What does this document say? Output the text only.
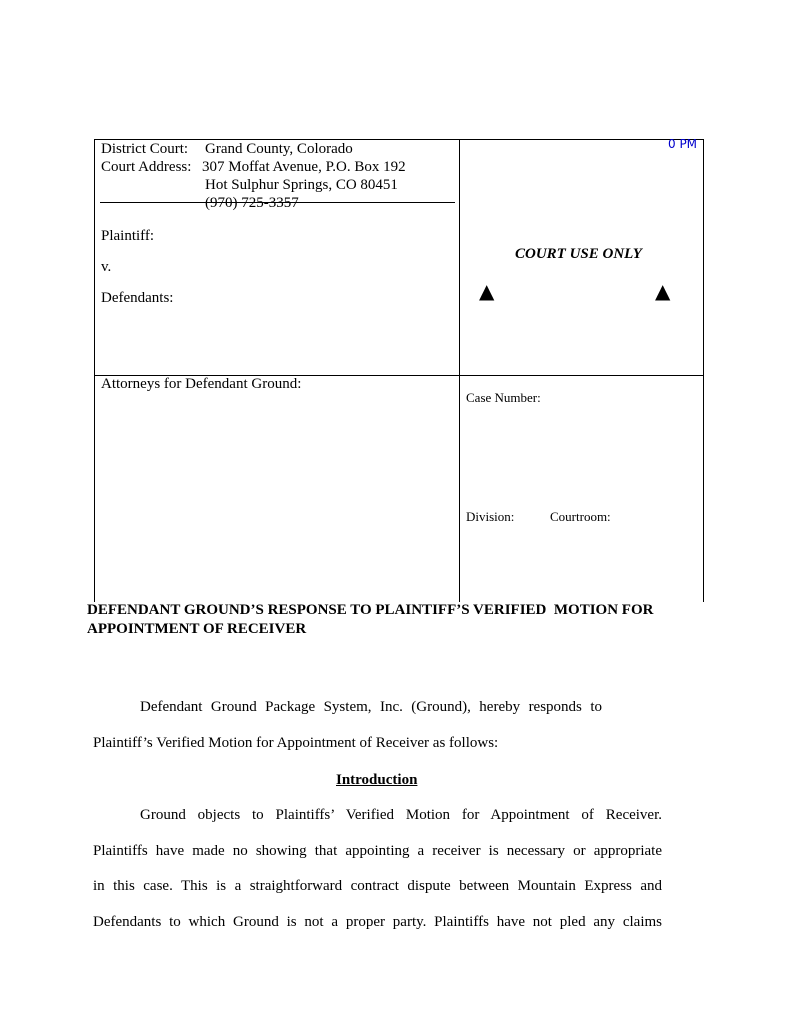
District Court: Grand County, Colorado
Court Address: 307 Moffat Avenue, P.O. Box 192
Hot Sulphur Springs, CO 80451
(970) 725-3357
Plaintiff:
v.
Defendants:
Attorneys for Defendant Ground:
0 PM
COURT USE ONLY
▲	▲
Case Number:
Division:	Courtroom:
DEFENDANT GROUND’S RESPONSE TO PLAINTIFF’S VERIFIED  MOTION FOR
APPOINTMENT OF RECEIVER
Defendant Ground Package System, Inc. (Ground), hereby responds to
Plaintiff’s Verified Motion for Appointment of Receiver as follows:
Introduction
Ground objects to Plaintiffs’ Verified Motion for Appointment of Receiver.
Plaintiffs have made no showing that appointing a receiver is necessary or appropriate
in this case. This is a straightforward contract dispute between Mountain Express and
Defendants to which Ground is not a proper party. Plaintiffs have not pled any claims
